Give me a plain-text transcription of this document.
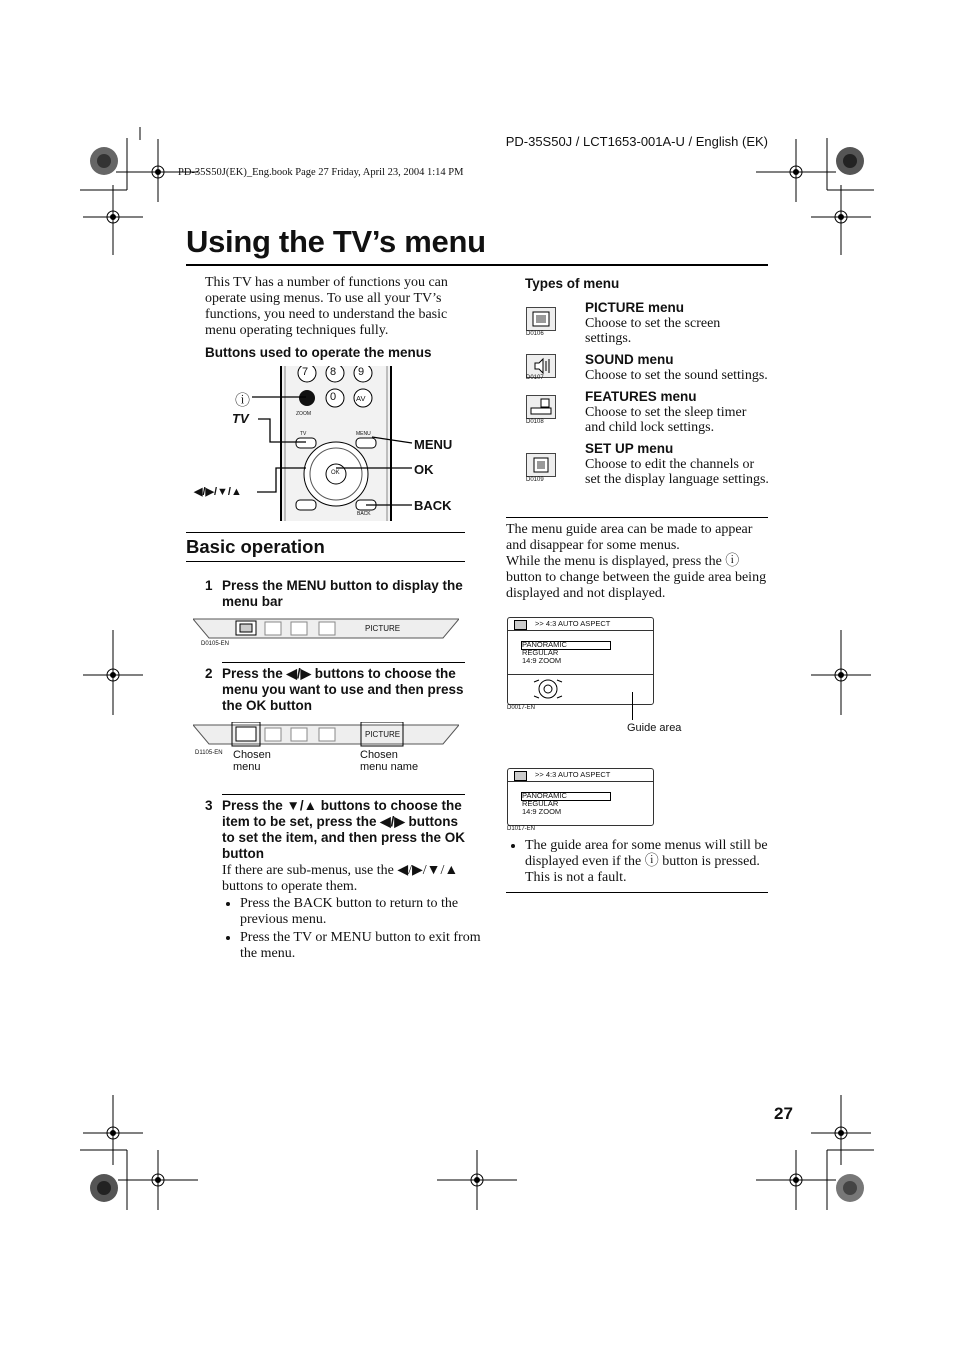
PD-35S50J / LCT1653-001A-U / English (EK)
PD-35S50J(EK)_Eng.book Page 27 Friday, April 23, 2004 1:14 PM
Using the TV’s menu
This TV has a number of functions you can operate using menus. To use all your TV’s functions, you need to understand the basic menu operating techniques fully.
Buttons used to operate the menus
7 8 9
0	AV
ZOOM
TV	MENU
OK
BACK
ⓘ
TV
◀/▶/▼/▲
MENU
OK
BACK
Basic operation
1 Press the MENU button to display the menu bar
PICTURE
D0105-EN
2 Press the ◀/▶ buttons to choose the menu you want to use and then press the OK button
PICTURE
D1105-EN Chosen
menu
Chosen
menu name
3 Press the ▼/▲ buttons to choose the item to be set, press the ◀/▶ buttons to set the item, and then press the OK button
If there are sub-menus, use the ◀/▶/▼/▲ buttons to operate them.
• Press the BACK button to return to the previous menu.
• Press the TV or MENU button to exit from the menu.
Types of menu
D0106
PICTURE menu
Choose to set the screen settings.
D0107
SOUND menu
Choose to set the sound settings.
D0108
FEATURES menu
Choose to set the sleep timer and child lock settings.
D0109
SET UP menu
Choose to edit the channels or set the display language settings.
The menu guide area can be made to appear and disappear for some menus.
While the menu is displayed, press the ⓘ button to change between the guide area being displayed and not displayed.
>> 4:3 AUTO ASPECT
PANORAMIC
REGULAR
14:9 ZOOM
D0017-EN
Guide area
>> 4:3 AUTO ASPECT
PANORAMIC
REGULAR
14:9 ZOOM
D1017-EN
• The guide area for some menus will still be displayed even if the ⓘ button is pressed. This is not a fault.
27
